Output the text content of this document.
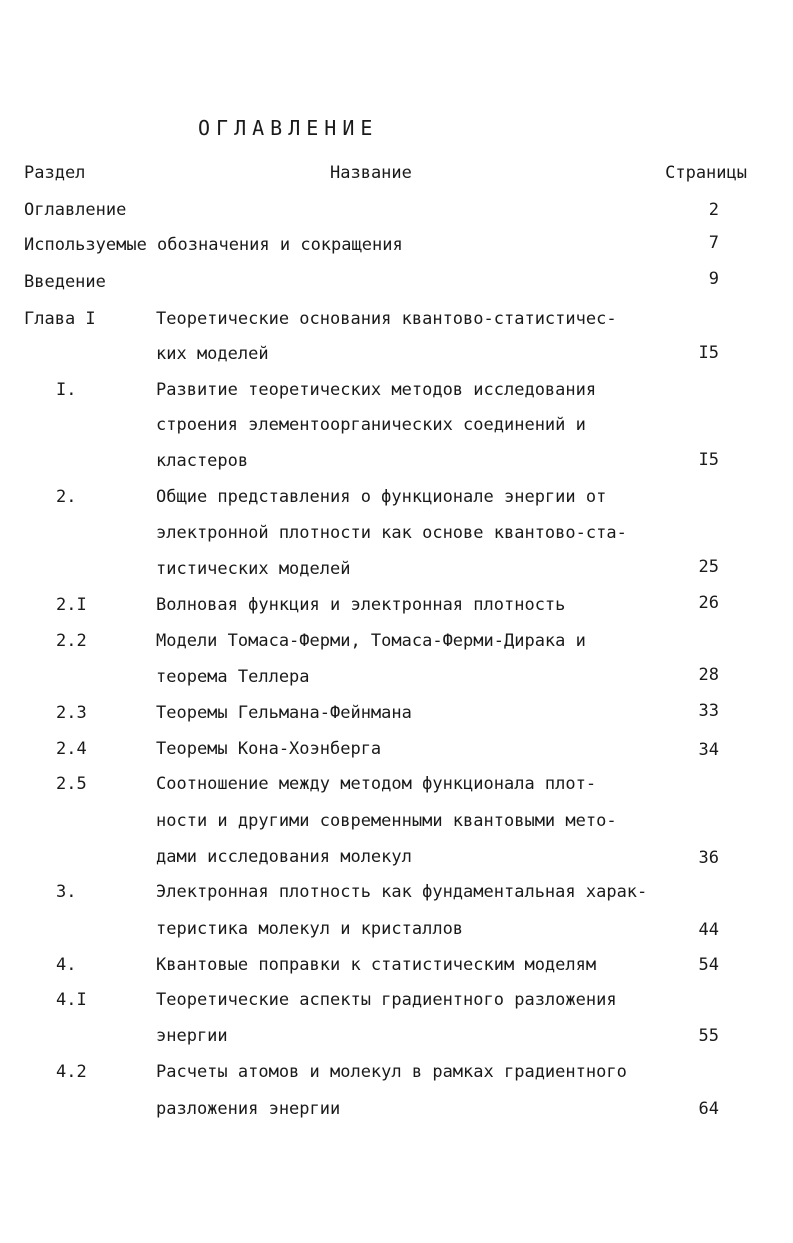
ОГЛАВЛЕНИЕ
Раздел	Название	Страницы
Оглавление	2
Используемые обозначения и сокращения	7
Введение	9
Глава I	Теоретические основания квантово-статистичес-
ких моделей	I5
I.	Развитие теоретических методов исследования
строения элементоорганических соединений и
кластеров	I5
2.	Общие представления о функционале энергии от
электронной плотности как основе квантово-ста-
тистических моделей	25
2.I	Волновая функция и электронная плотность	26
2.2	Модели Томаса-Ферми, Томаса-Ферми-Дирака и
теорема Теллера	28
2.3	Теоремы Гельмана-Фейнмана	33
2.4	Теоремы Кона-Хоэнберга	34
2.5	Соотношение между методом функционала плот-
ности и другими современными квантовыми мето-
дами исследования молекул	36
3.	Электронная плотность как фундаментальная харак-
теристика молекул и кристаллов	44
4.	Квантовые поправки к статистическим моделям	54
4.I	Теоретические аспекты градиентного разложения
энергии	55
4.2	Расчеты атомов и молекул в рамках градиентного
разложения энергии	64
